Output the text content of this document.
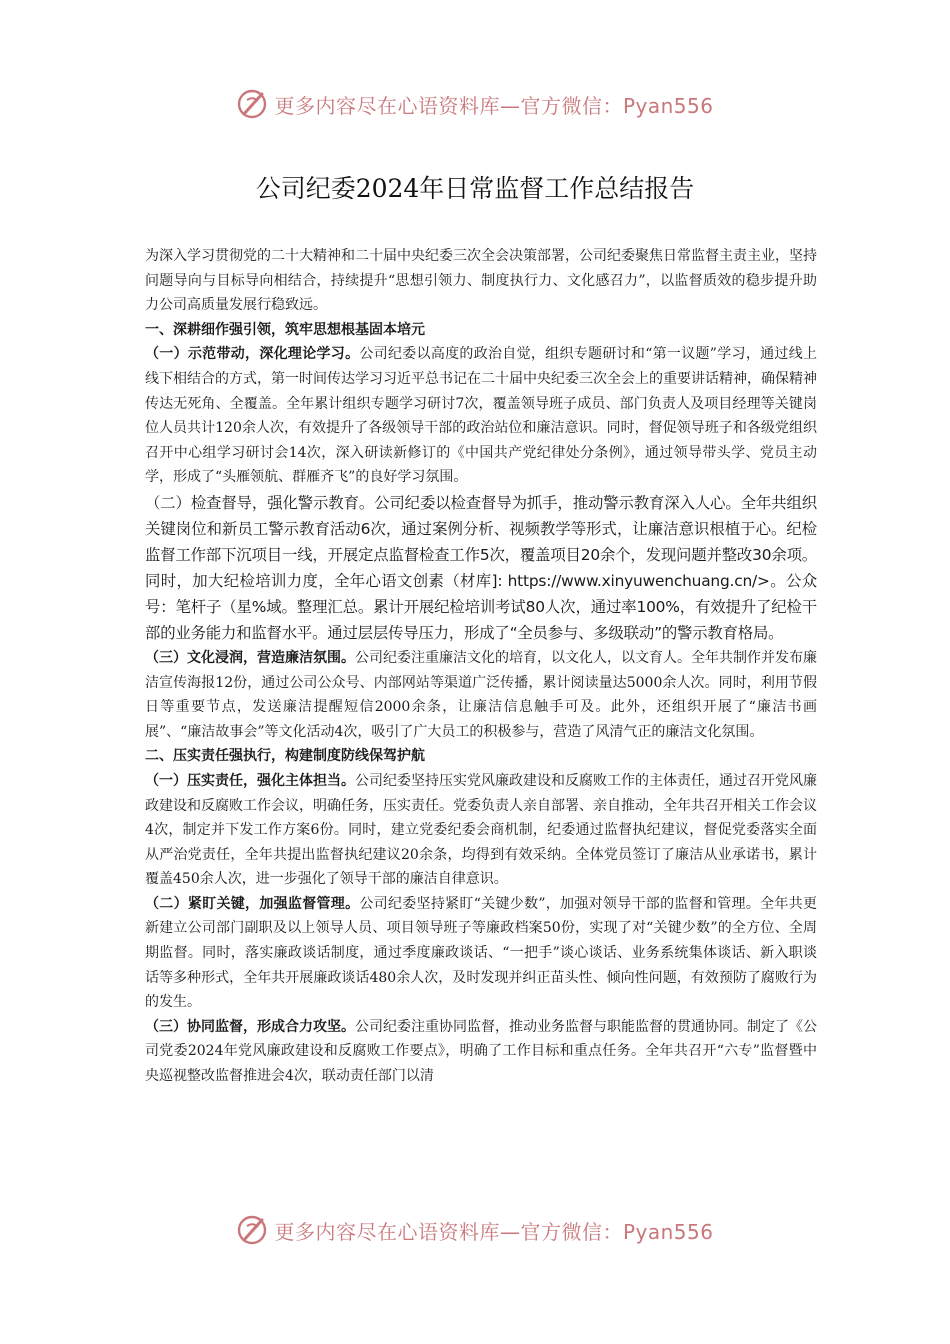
更多内容尽在心语资料库—官方微信：Pyan556
公司纪委2024年日常监督工作总结报告

为深入学习贯彻党的二十大精神和二十届中央纪委三次全会决策部署，公司纪委聚焦日常监督主责主业，坚持问题导向与目标导向相结合，持续提升“思想引领力、制度执行力、文化感召力”，以监督质效的稳步提升助力公司高质量发展行稳致远。

一、深耕细作强引领，筑牢思想根基固本培元

（一）示范带动，深化理论学习。公司纪委以高度的政治自觉，组织专题研讨和“第一议题”学习，通过线上线下相结合的方式，第一时间传达学习习近平总书记在二十届中央纪委三次全会上的重要讲话精神，确保精神传达无死角、全覆盖。全年累计组织专题学习研讨7次，覆盖领导班子成员、部门负责人及项目经理等关键岗位人员共计120余人次，有效提升了各级领导干部的政治站位和廉洁意识。同时，督促领导班子和各级党组织召开中心组学习研讨会14次，深入研读新修订的《中国共产党纪律处分条例》，通过领导带头学、党员主动学，形成了“头雁领航、群雁齐飞”的良好学习氛围。

（二）检查督导，强化警示教育。公司纪委以检查督导为抓手，推动警示教育深入人心。全年共组织关键岗位和新员工警示教育活动6次，通过案例分析、视频教学等形式，让廉洁意识根植于心。纪检监督工作部下沉项目一线，开展定点监督检查工作5次，覆盖项目20余个，发现问题并整改30余项。同时，加大纪检培训力度，全年心语文创素（材库]: https://www.xinyuwenchuang.cn/>。公众号：笔杆子（星%域。整理汇总。累计开展纪检培训考试80人次，通过率100%，有效提升了纪检干部的业务能力和监督水平。通过层层传导压力，形成了“全员参与、多级联动”的警示教育格局。

（三）文化浸润，营造廉洁氛围。公司纪委注重廉洁文化的培育，以文化人，以文育人。全年共制作并发布廉洁宣传海报12份，通过公司公众号、内部网站等渠道广泛传播，累计阅读量达5000余人次。同时，利用节假日等重要节点，发送廉洁提醒短信2000余条，让廉洁信息触手可及。此外，还组织开展了“廉洁书画展”、“廉洁故事会”等文化活动4次，吸引了广大员工的积极参与，营造了风清气正的廉洁文化氛围。

二、压实责任强执行，构建制度防线保驾护航

（一）压实责任，强化主体担当。公司纪委坚持压实党风廉政建设和反腐败工作的主体责任，通过召开党风廉政建设和反腐败工作会议，明确任务，压实责任。党委负责人亲自部署、亲自推动，全年共召开相关工作会议4次，制定并下发工作方案6份。同时，建立党委纪委会商机制，纪委通过监督执纪建议，督促党委落实全面从严治党责任，全年共提出监督执纪建议20余条，均得到有效采纳。全体党员签订了廉洁从业承诺书，累计覆盖450余人次，进一步强化了领导干部的廉洁自律意识。

（二）紧盯关键，加强监督管理。公司纪委坚持紧盯“关键少数”，加强对领导干部的监督和管理。全年共更新建立公司部门副职及以上领导人员、项目领导班子等廉政档案50份，实现了对“关键少数”的全方位、全周期监督。同时，落实廉政谈话制度，通过季度廉政谈话、“一把手”谈心谈话、业务系统集体谈话、新入职谈话等多种形式，全年共开展廉政谈话480余人次，及时发现并纠正苗头性、倾向性问题，有效预防了腐败行为的发生。

（三）协同监督，形成合力攻坚。公司纪委注重协同监督，推动业务监督与职能监督的贯通协同。制定了《公司党委2024年党风廉政建设和反腐败工作要点》，明确了工作目标和重点任务。全年共召开“六专”监督暨中央巡视整改监督推进会4次，联动责任部门以清

更多内容尽在心语资料库—官方微信：Pyan556
